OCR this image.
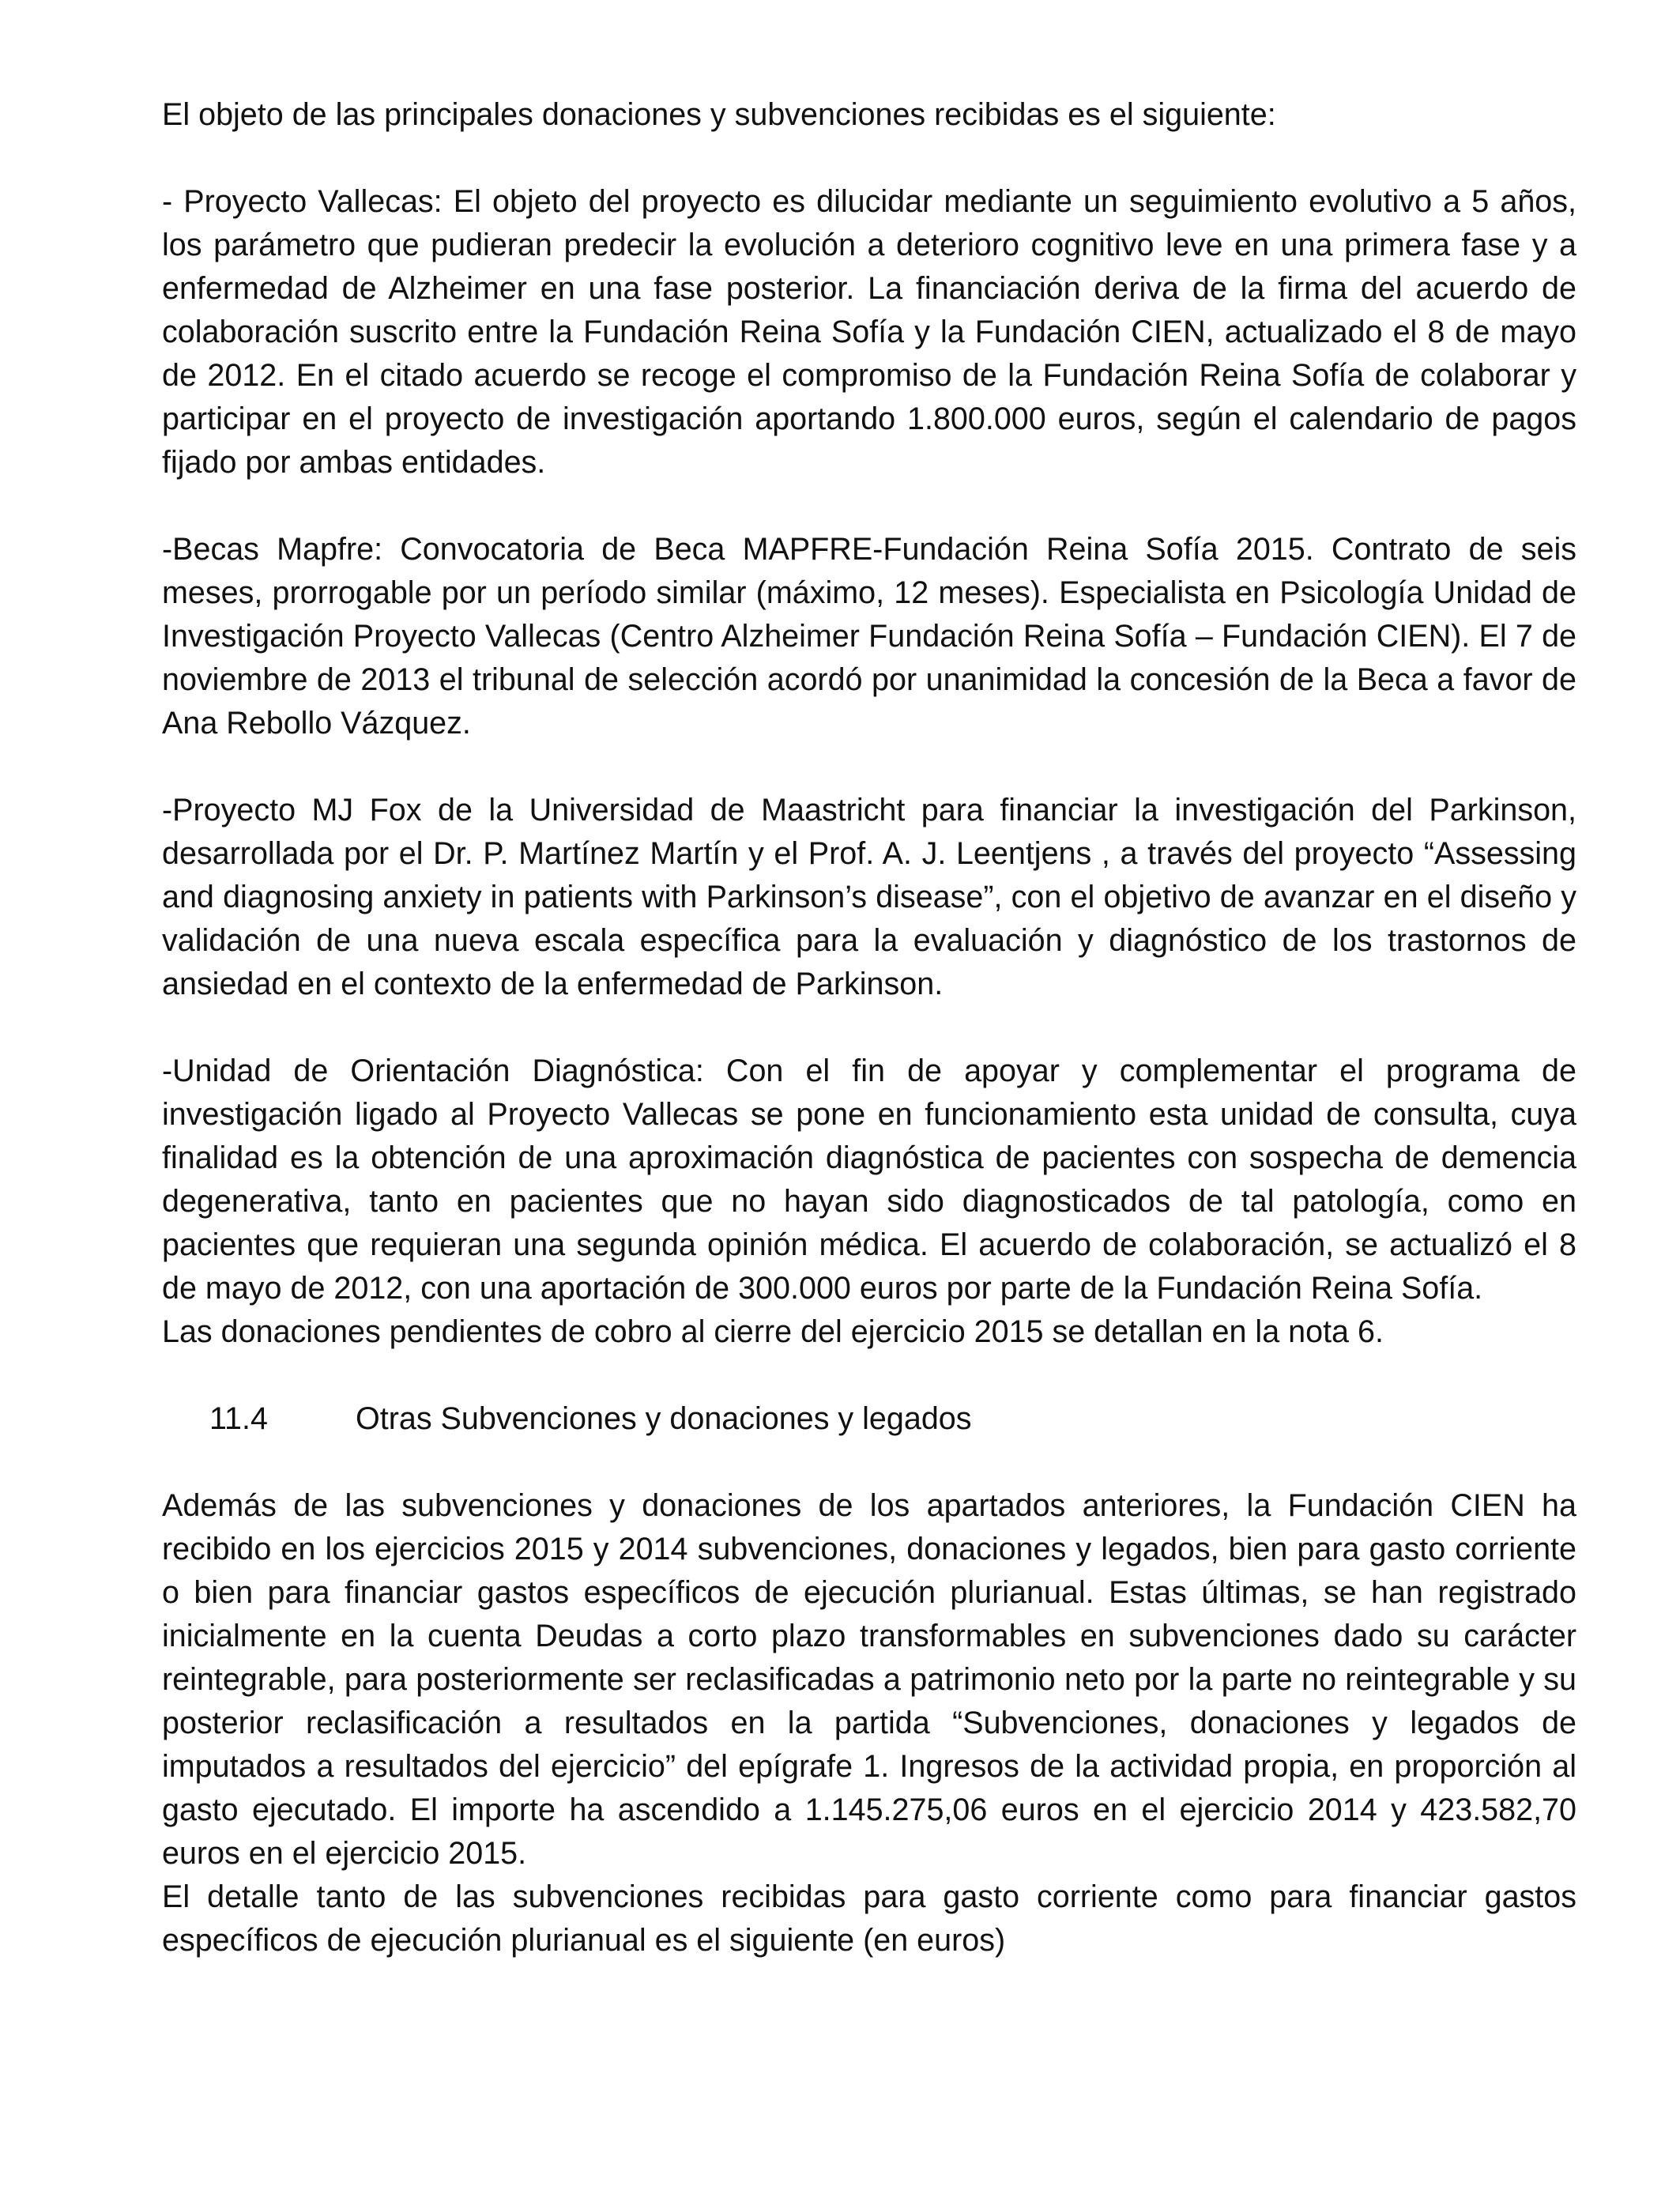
El objeto de las principales donaciones y subvenciones recibidas es el siguiente:

- Proyecto Vallecas: El objeto del proyecto es dilucidar mediante un seguimiento evolutivo a 5 años, los parámetro que pudieran predecir la evolución a deterioro cognitivo leve en una primera fase y a enfermedad de Alzheimer en una fase posterior. La financiación deriva de la firma del acuerdo de colaboración suscrito entre la Fundación Reina Sofía y la Fundación CIEN, actualizado el 8 de mayo de 2012. En el citado acuerdo se recoge el compromiso de la Fundación Reina Sofía de colaborar y participar en el proyecto de investigación aportando 1.800.000 euros, según el calendario de pagos fijado por ambas entidades.

-Becas Mapfre: Convocatoria de Beca MAPFRE-Fundación Reina Sofía 2015. Contrato de seis meses, prorrogable por un período similar (máximo, 12 meses). Especialista en Psicología Unidad de Investigación Proyecto Vallecas (Centro Alzheimer Fundación Reina Sofía – Fundación CIEN). El 7 de noviembre de 2013 el tribunal de selección acordó por unanimidad la concesión de la Beca a favor de Ana Rebollo Vázquez.

-Proyecto MJ Fox de la Universidad de Maastricht para financiar la investigación del Parkinson, desarrollada por el Dr. P. Martínez Martín y el Prof. A. J. Leentjens , a través del proyecto “Assessing and diagnosing anxiety in patients with Parkinson’s disease”, con el objetivo de avanzar en el diseño y validación de una nueva escala específica para la evaluación y diagnóstico de los trastornos de ansiedad en el contexto de la enfermedad de Parkinson.

-Unidad de Orientación Diagnóstica: Con el fin de apoyar y complementar el programa de investigación ligado al Proyecto Vallecas se pone en funcionamiento esta unidad de consulta, cuya finalidad es la obtención de una aproximación diagnóstica de pacientes con sospecha de demencia degenerativa, tanto en pacientes que no hayan sido diagnosticados de tal patología, como en pacientes que requieran una segunda opinión médica. El acuerdo de colaboración, se actualizó el 8 de mayo de 2012, con una aportación de 300.000 euros por parte de la Fundación Reina Sofía.

Las donaciones pendientes de cobro al cierre del ejercicio 2015 se detallan en la nota 6.

11.4	Otras Subvenciones y donaciones y legados

Además de las subvenciones y donaciones de los apartados anteriores, la Fundación CIEN ha recibido en los ejercicios 2015 y 2014 subvenciones, donaciones y legados, bien para gasto corriente o bien para financiar gastos específicos de ejecución plurianual. Estas últimas, se han registrado inicialmente en la cuenta Deudas a corto plazo transformables en subvenciones dado su carácter reintegrable, para posteriormente ser reclasificadas a patrimonio neto por la parte no reintegrable y su posterior reclasificación a resultados en la partida “Subvenciones, donaciones y legados de imputados a resultados del ejercicio” del epígrafe 1. Ingresos de la actividad propia, en proporción al gasto ejecutado. El importe ha ascendido a 1.145.275,06 euros en el ejercicio 2014 y 423.582,70 euros en el ejercicio 2015.

El detalle tanto de las subvenciones recibidas para gasto corriente como para financiar gastos específicos de ejecución plurianual es el siguiente (en euros)
